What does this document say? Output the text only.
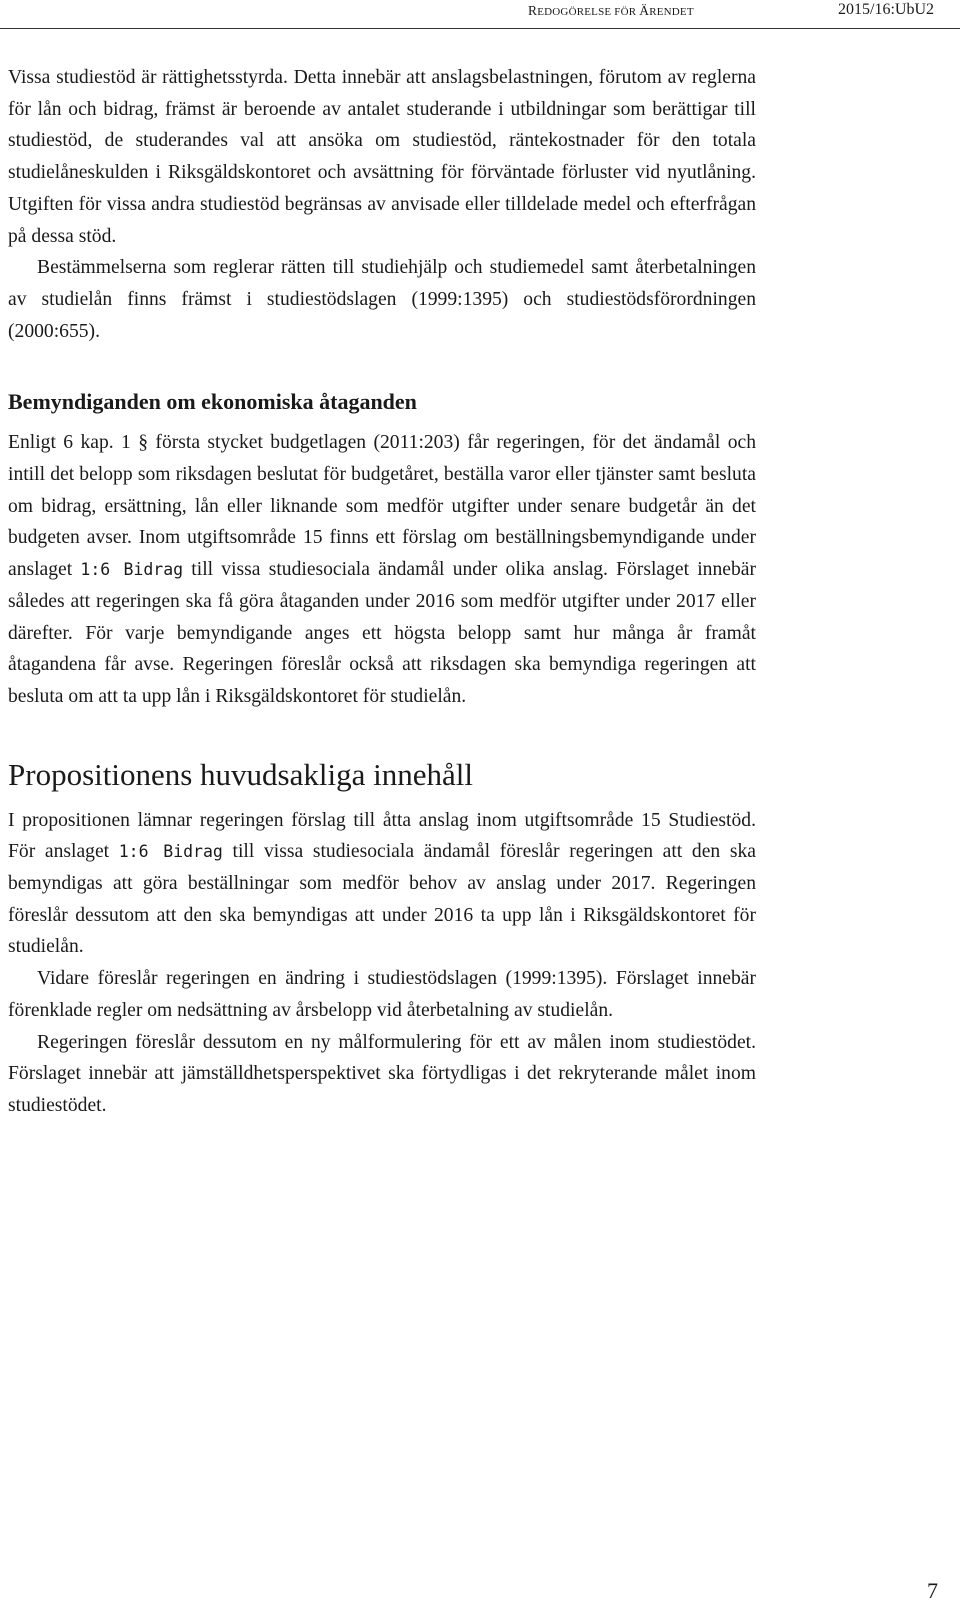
REDOGÖRELSE FÖR ÄRENDET	2015/16:UbU2

Vissa studiestöd är rättighetsstyrda. Detta innebär att anslagsbelastningen, förutom av reglerna för lån och bidrag, främst är beroende av antalet studerande i utbildningar som berättigar till studiestöd, de studerandes val att ansöka om studiestöd, räntekostnader för den totala studielåneskulden i Riksgäldskontoret och avsättning för förväntade förluster vid nyutlåning. Utgiften för vissa andra studiestöd begränsas av anvisade eller tilldelade medel och efterfrågan på dessa stöd.

Bestämmelserna som reglerar rätten till studiehjälp och studiemedel samt återbetalningen av studielån finns främst i studiestödslagen (1999:1395) och studiestödsförordningen (2000:655).

Bemyndiganden om ekonomiska åtaganden

Enligt 6 kap. 1 § första stycket budgetlagen (2011:203) får regeringen, för det ändamål och intill det belopp som riksdagen beslutat för budgetåret, beställa varor eller tjänster samt besluta om bidrag, ersättning, lån eller liknande som medför utgifter under senare budgetår än det budgeten avser. Inom utgiftsområde 15 finns ett förslag om beställningsbemyndigande under anslaget 1:6 Bidrag till vissa studiesociala ändamål under olika anslag. Förslaget innebär således att regeringen ska få göra åtaganden under 2016 som medför utgifter under 2017 eller därefter. För varje bemyndigande anges ett högsta belopp samt hur många år framåt åtagandena får avse. Regeringen föreslår också att riksdagen ska bemyndiga regeringen att besluta om att ta upp lån i Riksgäldskontoret för studielån.

Propositionens huvudsakliga innehåll

I propositionen lämnar regeringen förslag till åtta anslag inom utgiftsområde 15 Studiestöd. För anslaget 1:6 Bidrag till vissa studiesociala ändamål föreslår regeringen att den ska bemyndigas att göra beställningar som medför behov av anslag under 2017. Regeringen föreslår dessutom att den ska bemyndigas att under 2016 ta upp lån i Riksgäldskontoret för studielån.

Vidare föreslår regeringen en ändring i studiestödslagen (1999:1395). Förslaget innebär förenklade regler om nedsättning av årsbelopp vid återbetalning av studielån.

Regeringen föreslår dessutom en ny målformulering för ett av målen inom studiestödet. Förslaget innebär att jämställdhetsperspektivet ska förtydligas i det rekryterande målet inom studiestödet.

7
